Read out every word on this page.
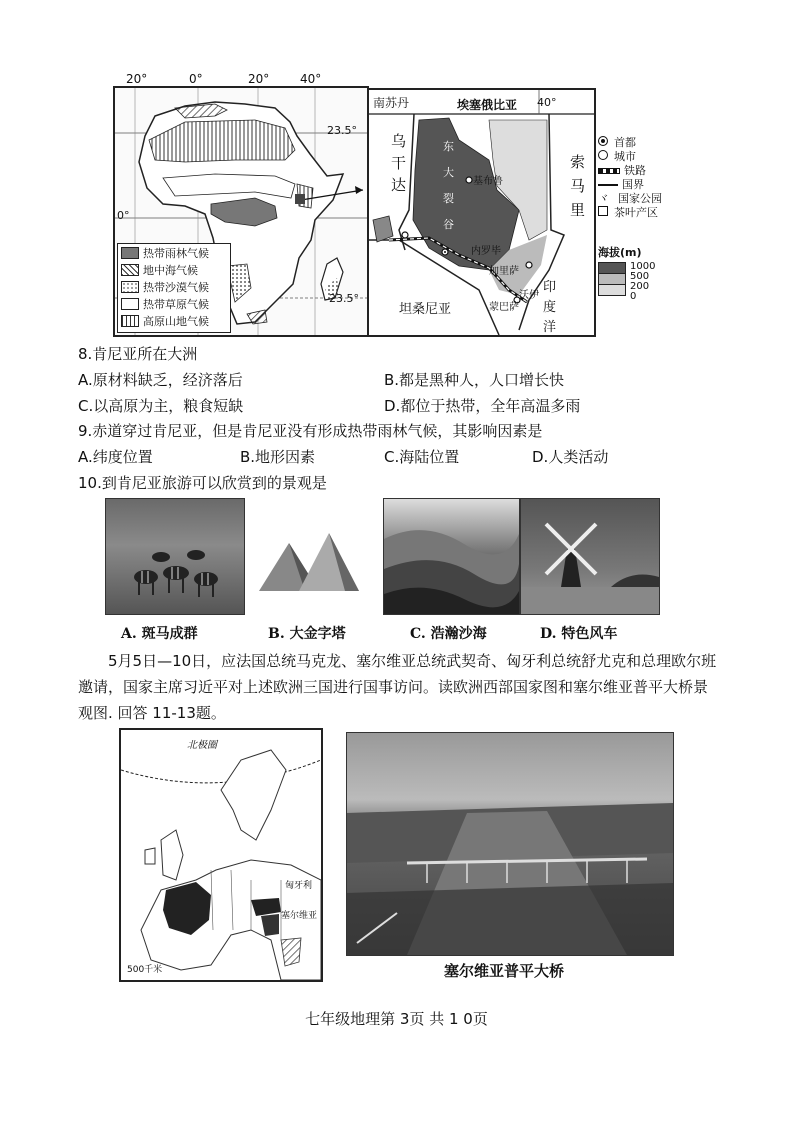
热带雨林气候
地中海气候
热带沙漠气候
热带草原气候
高原山地气候
23.5°
0°
23.5°
20°	0°	20°	40°
南苏丹	埃塞俄比亚 40°
乌
干
达
索
马
里
东
大
裂
谷
基布鲁
内罗毕
加里萨
沃伊
蒙巴萨
坦桑尼亚
印
度
洋
首都
城市
铁路
国界
ヾ 国家公园
茶叶产区
海拔(m)
1000
500
200
0
8.肯尼亚所在大洲
A.原材料缺乏，经济落后	B.都是黑种人，人口增长快
C.以高原为主，粮食短缺	D.都位于热带，全年高温多雨
9.赤道穿过肯尼亚，但是肯尼亚没有形成热带雨林气候，其影响因素是
A.纬度位置	B.地形因素	C.海陆位置	D.人类活动
10.到肯尼亚旅游可以欣赏到的景观是
A. 斑马成群	B. 大金字塔	C. 浩瀚沙海	D. 特色风车
5月5日—10日，应法国总统马克龙、塞尔维亚总统武契奇、匈牙利总统舒尤克和总理欧尔班邀请，国家主席习近平对上述欧洲三国进行国事访问。读欧洲西部国家图和塞尔维亚普平大桥景观图. 回答 11-13题。
北极圈
匈牙利
塞尔维亚
500千米	塞尔维亚普平大桥
七年级地理第 3页 共 1 0页
